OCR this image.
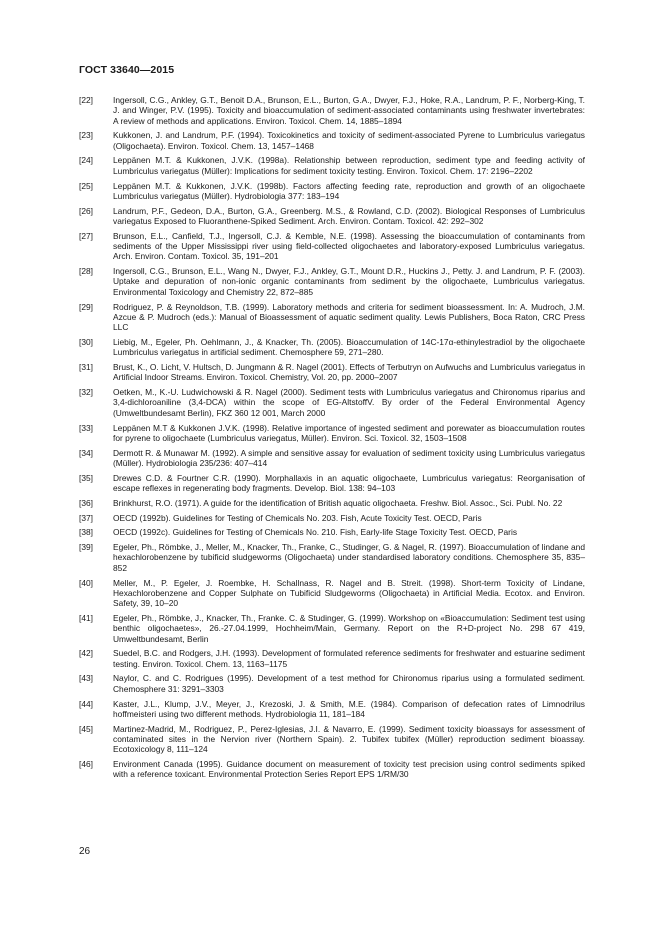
ГОСТ 33640—2015
[22]	Ingersoll, C.G., Ankley, G.T., Benoit D.A., Brunson, E.L., Burton, G.A., Dwyer, F.J., Hoke, R.A., Landrum, P. F., Norberg-King, T. J. and Winger, P.V. (1995). Toxicity and bioaccumulation of sediment-associated contaminants using freshwater invertebrates: A review of methods and applications. Environ. Toxicol. Chem. 14, 1885–1894
[23]	Kukkonen, J. and Landrum, P.F. (1994). Toxicokinetics and toxicity of sediment-associated Pyrene to Lumbriculus variegatus (Oligochaeta). Environ. Toxicol. Chem. 13, 1457–1468
[24]	Leppänen M.T. & Kukkonen, J.V.K. (1998a). Relationship between reproduction, sediment type and feeding activity of Lumbriculus variegatus (Müller): Implications for sediment toxicity testing. Environ. Toxicol. Chem. 17: 2196–2202
[25]	Leppänen M.T. & Kukkonen, J.V.K. (1998b). Factors affecting feeding rate, reproduction and growth of an oligochaete Lumbriculus variegatus (Müller). Hydrobiologia 377: 183–194
[26]	Landrum, P.F., Gedeon, D.A., Burton, G.A., Greenberg. M.S., & Rowland, C.D. (2002). Biological Responses of Lumbriculus variegatus Exposed to Fluoranthene-Spiked Sediment. Arch. Environ. Contam. Toxicol. 42: 292–302
[27]	Brunson, E.L., Canfield, T.J., Ingersoll, C.J. & Kemble, N.E. (1998). Assessing the bioaccumulation of contaminants from sediments of the Upper Mississippi river using field-collected oligochaetes and laboratory-exposed Lumbriculus variegatus. Arch. Environ. Contam. Toxicol. 35, 191–201
[28]	Ingersoll, C.G., Brunson, E.L., Wang N., Dwyer, F.J., Ankley, G.T., Mount D.R., Huckins J., Petty. J. and Landrum, P. F. (2003). Uptake and depuration of non-ionic organic contaminants from sediment by the oligochaete, Lumbriculus variegatus. Environmental Toxicology and Chemistry 22, 872–885
[29]	Rodriguez, P. & Reynoldson, T.B. (1999). Laboratory methods and criteria for sediment bioassessment. In: A. Mudroch, J.M. Azcue & P. Mudroch (eds.): Manual of Bioassessment of aquatic sediment quality. Lewis Publishers, Boca Raton, CRC Press LLC
[30]	Liebig, M., Egeler, Ph. Oehlmann, J., & Knacker, Th. (2005). Bioaccumulation of 14C-17α-ethinylestradiol by the oligochaete Lumbriculus variegatus in artificial sediment. Chemosphere 59, 271–280.
[31]	Brust, K., O. Licht, V. Hultsch, D. Jungmann & R. Nagel (2001). Effects of Terbutryn on Aufwuchs and Lumbriculus variegatus in Artificial Indoor Streams. Environ. Toxicol. Chemistry, Vol. 20, pp. 2000–2007
[32]	Oetken, M., K.-U. Ludwichowski & R. Nagel (2000). Sediment tests with Lumbriculus variegatus and Chironomus riparius and 3,4-dichloroaniline (3,4-DCA) within the scope of EG-AltstoffV. By order of the Federal Environmental Agency (Umweltbundesamt Berlin), FKZ 360 12 001, March 2000
[33]	Leppänen M.T & Kukkonen J.V.K. (1998). Relative importance of ingested sediment and porewater as bioaccumulation routes for pyrene to oligochaete (Lumbriculus variegatus, Müller). Environ. Sci. Toxicol. 32, 1503–1508
[34]	Dermott R. & Munawar M. (1992). A simple and sensitive assay for evaluation of sediment toxicity using Lumbriculus variegatus (Müller). Hydrobiologia 235/236: 407–414
[35]	Drewes C.D. & Fourtner C.R. (1990). Morphallaxis in an aquatic oligochaete, Lumbriculus variegatus: Reorganisation of escape reflexes in regenerating body fragments. Develop. Biol. 138: 94–103
[36]	Brinkhurst, R.O. (1971). A guide for the identification of British aquatic oligochaeta. Freshw. Biol. Assoc., Sci. Publ. No. 22
[37]	OECD (1992b). Guidelines for Testing of Chemicals No. 203. Fish, Acute Toxicity Test. OECD, Paris
[38]	OECD (1992c). Guidelines for Testing of Chemicals No. 210. Fish, Early-life Stage Toxicity Test. OECD, Paris
[39]	Egeler, Ph., Römbke, J., Meller, M., Knacker, Th., Franke, C., Studinger, G. & Nagel, R. (1997). Bioaccumulation of lindane and hexachlorobenzene by tubificid sludgeworms (Oligochaeta) under standardised laboratory conditions. Chemosphere 35, 835–852
[40]	Meller, M., P. Egeler, J. Roembke, H. Schallnass, R. Nagel and B. Streit. (1998). Short-term Toxicity of Lindane, Hexachlorobenzene and Copper Sulphate on Tubificid Sludgeworms (Oligochaeta) in Artificial Media. Ecotox. and Environ. Safety, 39, 10–20
[41]	Egeler, Ph., Römbke, J., Knacker, Th., Franke. C. & Studinger, G. (1999). Workshop on «Bioaccumulation: Sediment test using benthic oligochaetes», 26.-27.04.1999, Hochheim/Main, Germany. Report on the R+D-project No. 298 67 419, Umweltbundesamt, Berlin
[42]	Suedel, B.C. and Rodgers, J.H. (1993). Development of formulated reference sediments for freshwater and estuarine sediment testing. Environ. Toxicol. Chem. 13, 1163–1175
[43]	Naylor, C. and C. Rodrigues (1995). Development of a test method for Chironomus riparius using a formulated sediment. Chemosphere 31: 3291–3303
[44]	Kaster, J.L., Klump, J.V., Meyer, J., Krezoski, J. & Smith, M.E. (1984). Comparison of defecation rates of Limnodrilus hoffmeisteri using two different methods. Hydrobiologia 11, 181–184
[45]	Martinez-Madrid, M., Rodriguez, P., Perez-Iglesias, J.I. & Navarro, E. (1999). Sediment toxicity bioassays for assessment of contaminated sites in the Nervion river (Northern Spain). 2. Tubifex tubifex (Müller) reproduction sediment bioassay. Ecotoxicology 8, 111–124
[46]	Environment Canada (1995). Guidance document on measurement of toxicity test precision using control sediments spiked with a reference toxicant. Environmental Protection Series Report EPS 1/RM/30
26
